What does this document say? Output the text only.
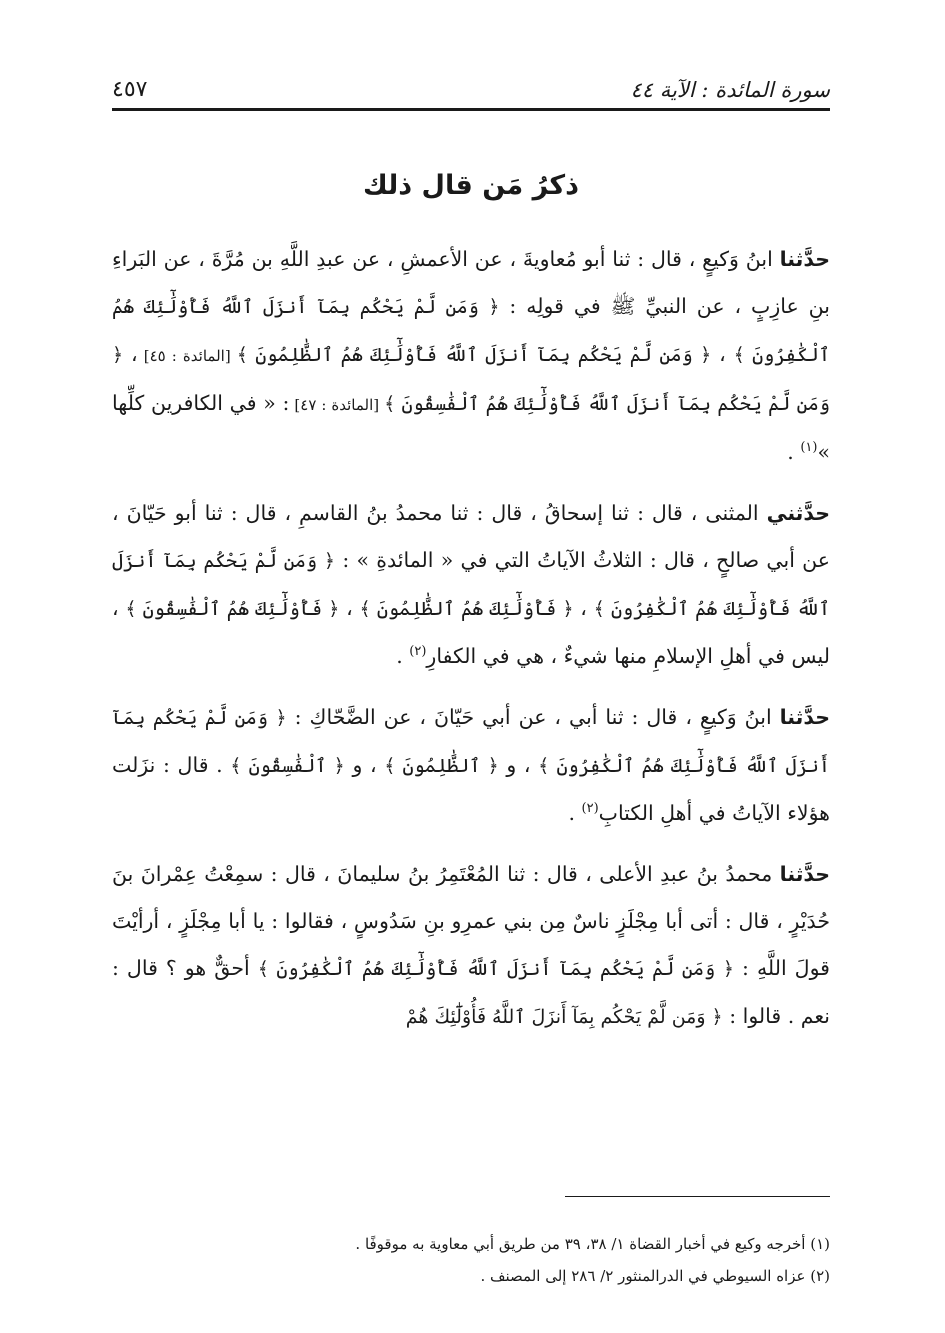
سورة المائدة : الآية ٤٤
٤٥٧
ذكرُ مَن قال ذلك

حدَّثنا ابنُ وَكيعٍ ، قال : ثنا أبو مُعاويةَ ، عن الأعمشِ ، عن عبدِ اللَّهِ بن مُرَّةَ ، عن البَراءِ بنِ عازِبٍ ، عن النبيِّ ﷺ في قولِه : ﴿ وَمَن لَّمْ يَحْكُم بِمَآ أَنزَلَ ٱللَّهُ فَأُوْلَٰٓئِكَ هُمُ ٱلْكَٰفِرُونَ ﴾ ، ﴿ وَمَن لَّمْ يَحْكُم بِمَآ أَنزَلَ ٱللَّهُ فَأُوْلَٰٓئِكَ هُمُ ٱلظَّٰلِمُونَ ﴾ [المائدة : ٤٥] ، ﴿ وَمَن لَّمْ يَحْكُم بِمَآ أَنزَلَ ٱللَّهُ فَأُوْلَٰٓئِكَ هُمُ ٱلْفَٰسِقُونَ ﴾ [المائدة : ٤٧] : « في الكافرين كلِّها »$^{(١)}$ .

حدَّثني المثنى ، قال : ثنا إسحاقُ ، قال : ثنا محمدُ بنُ القاسمِ ، قال : ثنا أبو حَيّانَ ، عن أبي صالحٍ ، قال : الثلاثُ الآياتُ التي في « المائدةِ » : ﴿ وَمَن لَّمْ يَحْكُم بِمَآ أَنزَلَ ٱللَّهُ فَأُوْلَٰٓئِكَ هُمُ ٱلْكَٰفِرُونَ ﴾ ، ﴿ فَأُوْلَٰٓئِكَ هُمُ ٱلظَّٰلِمُونَ ﴾ ، ﴿ فَأُوْلَٰٓئِكَ هُمُ ٱلْفَٰسِقُونَ ﴾ ، ليس في أهلِ الإسلامِ منها شيءٌ ، هي في الكفارِ$^{(٢)}$ .

حدَّثنا ابنُ وَكيعٍ ، قال : ثنا أبي ، عن أبي حَيّانَ ، عن الضَّحّاكِ : ﴿ وَمَن لَّمْ يَحْكُم بِمَآ أَنزَلَ ٱللَّهُ فَأُوْلَٰٓئِكَ هُمُ ٱلْكَٰفِرُونَ ﴾ ، و ﴿ ٱلظَّٰلِمُونَ ﴾ ، و ﴿ ٱلْفَٰسِقُونَ ﴾ . قال : نزَلت هؤلاء الآياتُ في أهلِ الكتابِ$^{(٢)}$ .

حدَّثنا محمدُ بنُ عبدِ الأعلى ، قال : ثنا المُعْتَمِرُ بنُ سليمانَ ، قال : سمِعْتُ عِمْرانَ بنَ حُدَيْرٍ ، قال : أتى أبا مِجْلَزٍ ناسٌ مِن بني عمرِو بنِ سَدُوسٍ ، فقالوا : يا أبا مِجْلَزٍ ، أرأيْتَ قولَ اللَّهِ : ﴿ وَمَن لَّمْ يَحْكُم بِمَآ أَنزَلَ ٱللَّهُ فَأُوْلَٰٓئِكَ هُمُ ٱلْكَٰفِرُونَ ﴾ أحقٌّ هو ؟ قال : نعم . قالوا : ﴿ وَمَن لَّمْ يَحْكُم بِمَآ أَنزَلَ ٱللَّهُ فَأُوْلَٰٓئِكَ هُمْ

(١) أخرجه وكيع في أخبار القضاة ١/ ٣٨، ٣٩ من طريق أبي معاوية به موقوفًا .

(٢) عزاه السيوطي في الدرالمنثور ٢/ ٢٨٦ إلى المصنف .
